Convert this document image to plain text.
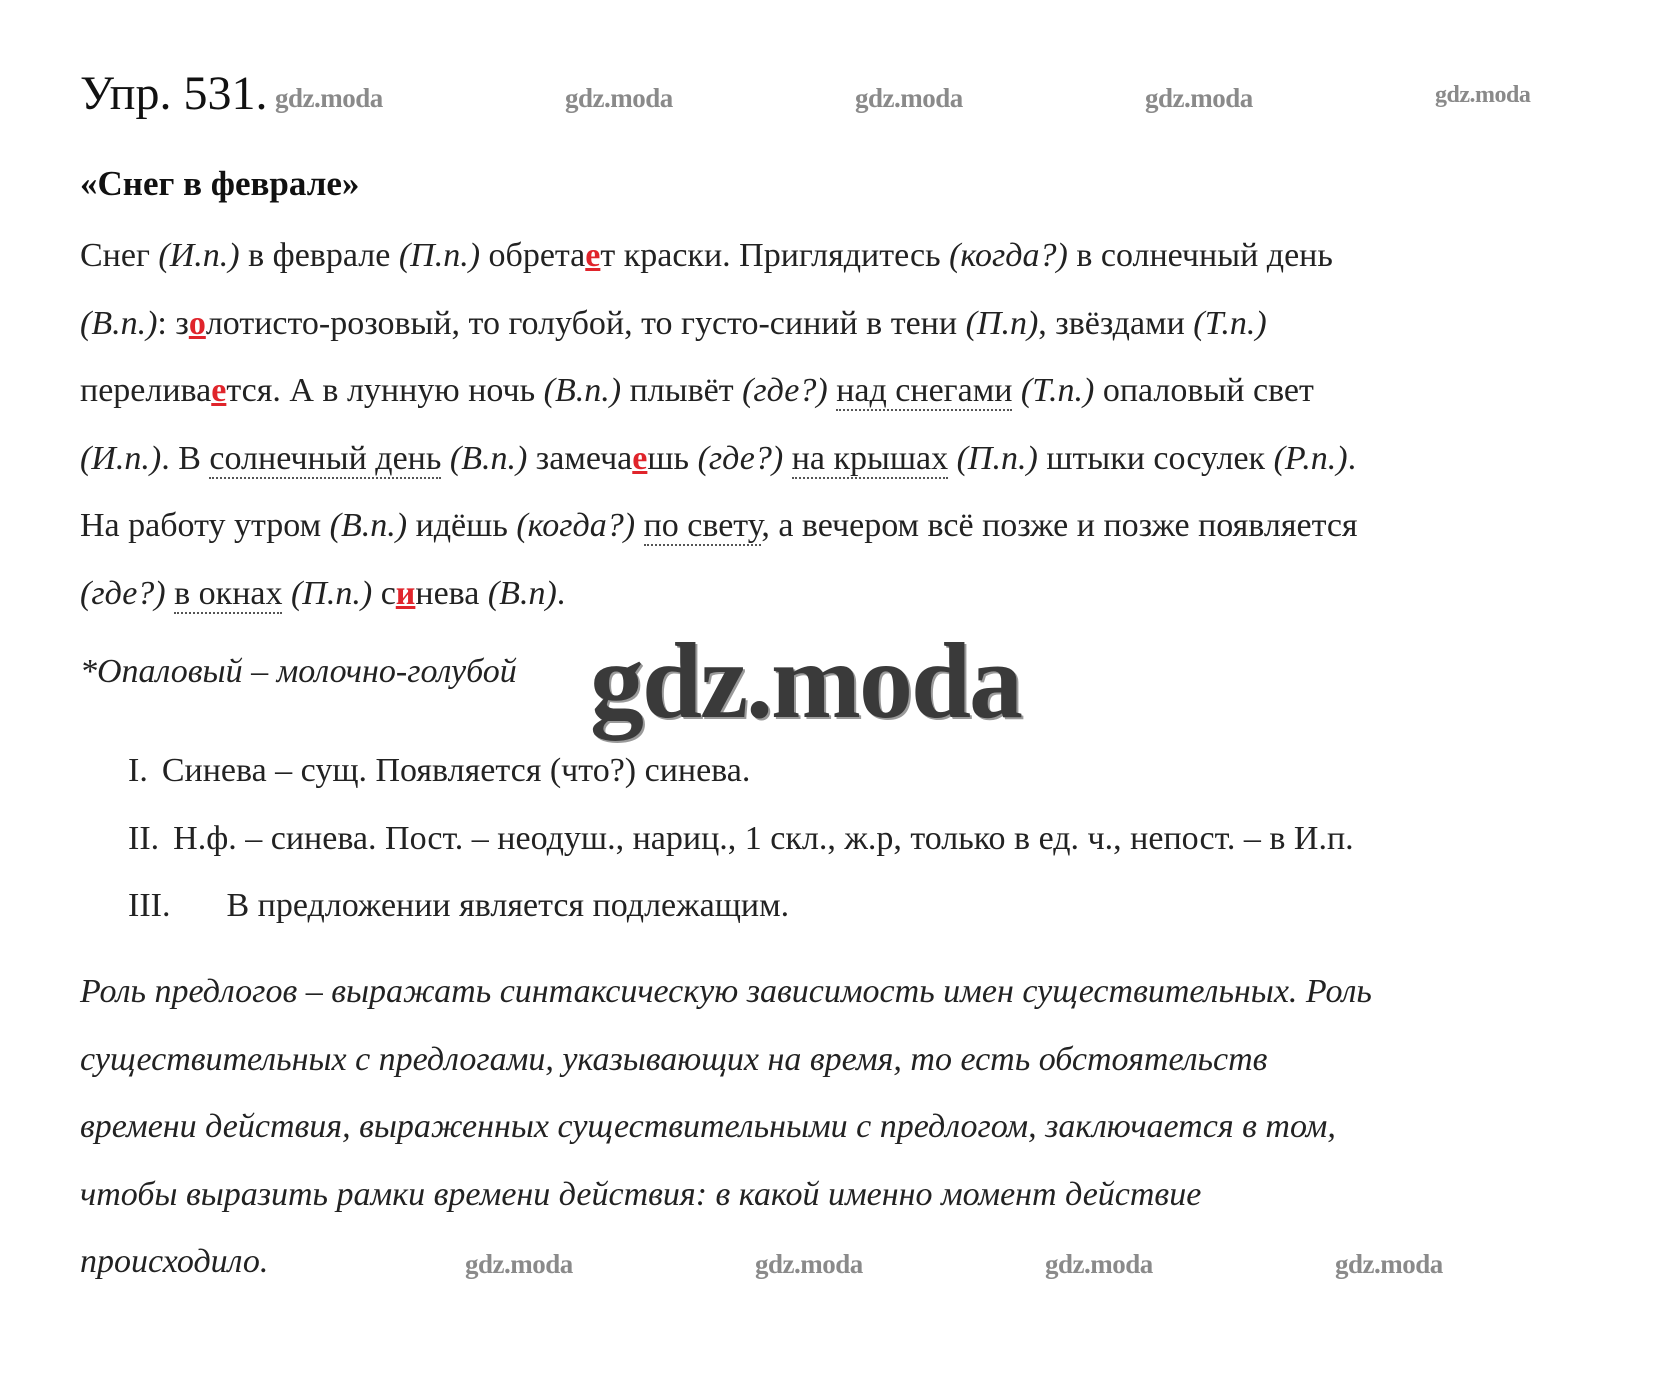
gdz.moda	gdz.moda	gdz.moda	gdz.moda	gdz.moda
gdz.moda	gdz.moda	gdz.moda	gdz.moda
gdz.moda
Упр. 531.
«Снег в феврале»
Снег (И.п.) в феврале (П.п.) обретает краски. Приглядитесь (когда?) в солнечный день
(В.п.): золотисто-розовый, то голубой, то густо-синий в тени (П.п), звёздами (Т.п.)
переливается. А в лунную ночь (В.п.) плывёт (где?) над снегами (Т.п.) опаловый свет
(И.п.). В солнечный день (В.п.) замечаешь (где?) на крышах (П.п.) штыки сосулек (Р.п.).
На работу утром (В.п.) идёшь (когда?) по свету, а вечером всё позже и позже появляется
(где?) в окнах (П.п.) синева (В.п).
*Опаловый – молочно-голубой
I. Синева – сущ. Появляется (что?) синева.
II. Н.ф. – синева. Пост. – неодуш., нариц., 1 скл., ж.р, только в ед. ч., непост. – в И.п.
III. В предложении является подлежащим.
Роль предлогов – выражать синтаксическую зависимость имен существительных. Роль
существительных с предлогами, указывающих на время, то есть обстоятельств
времени действия, выраженных существительными с предлогом, заключается в том,
чтобы выразить рамки времени действия: в какой именно момент действие
происходило.
